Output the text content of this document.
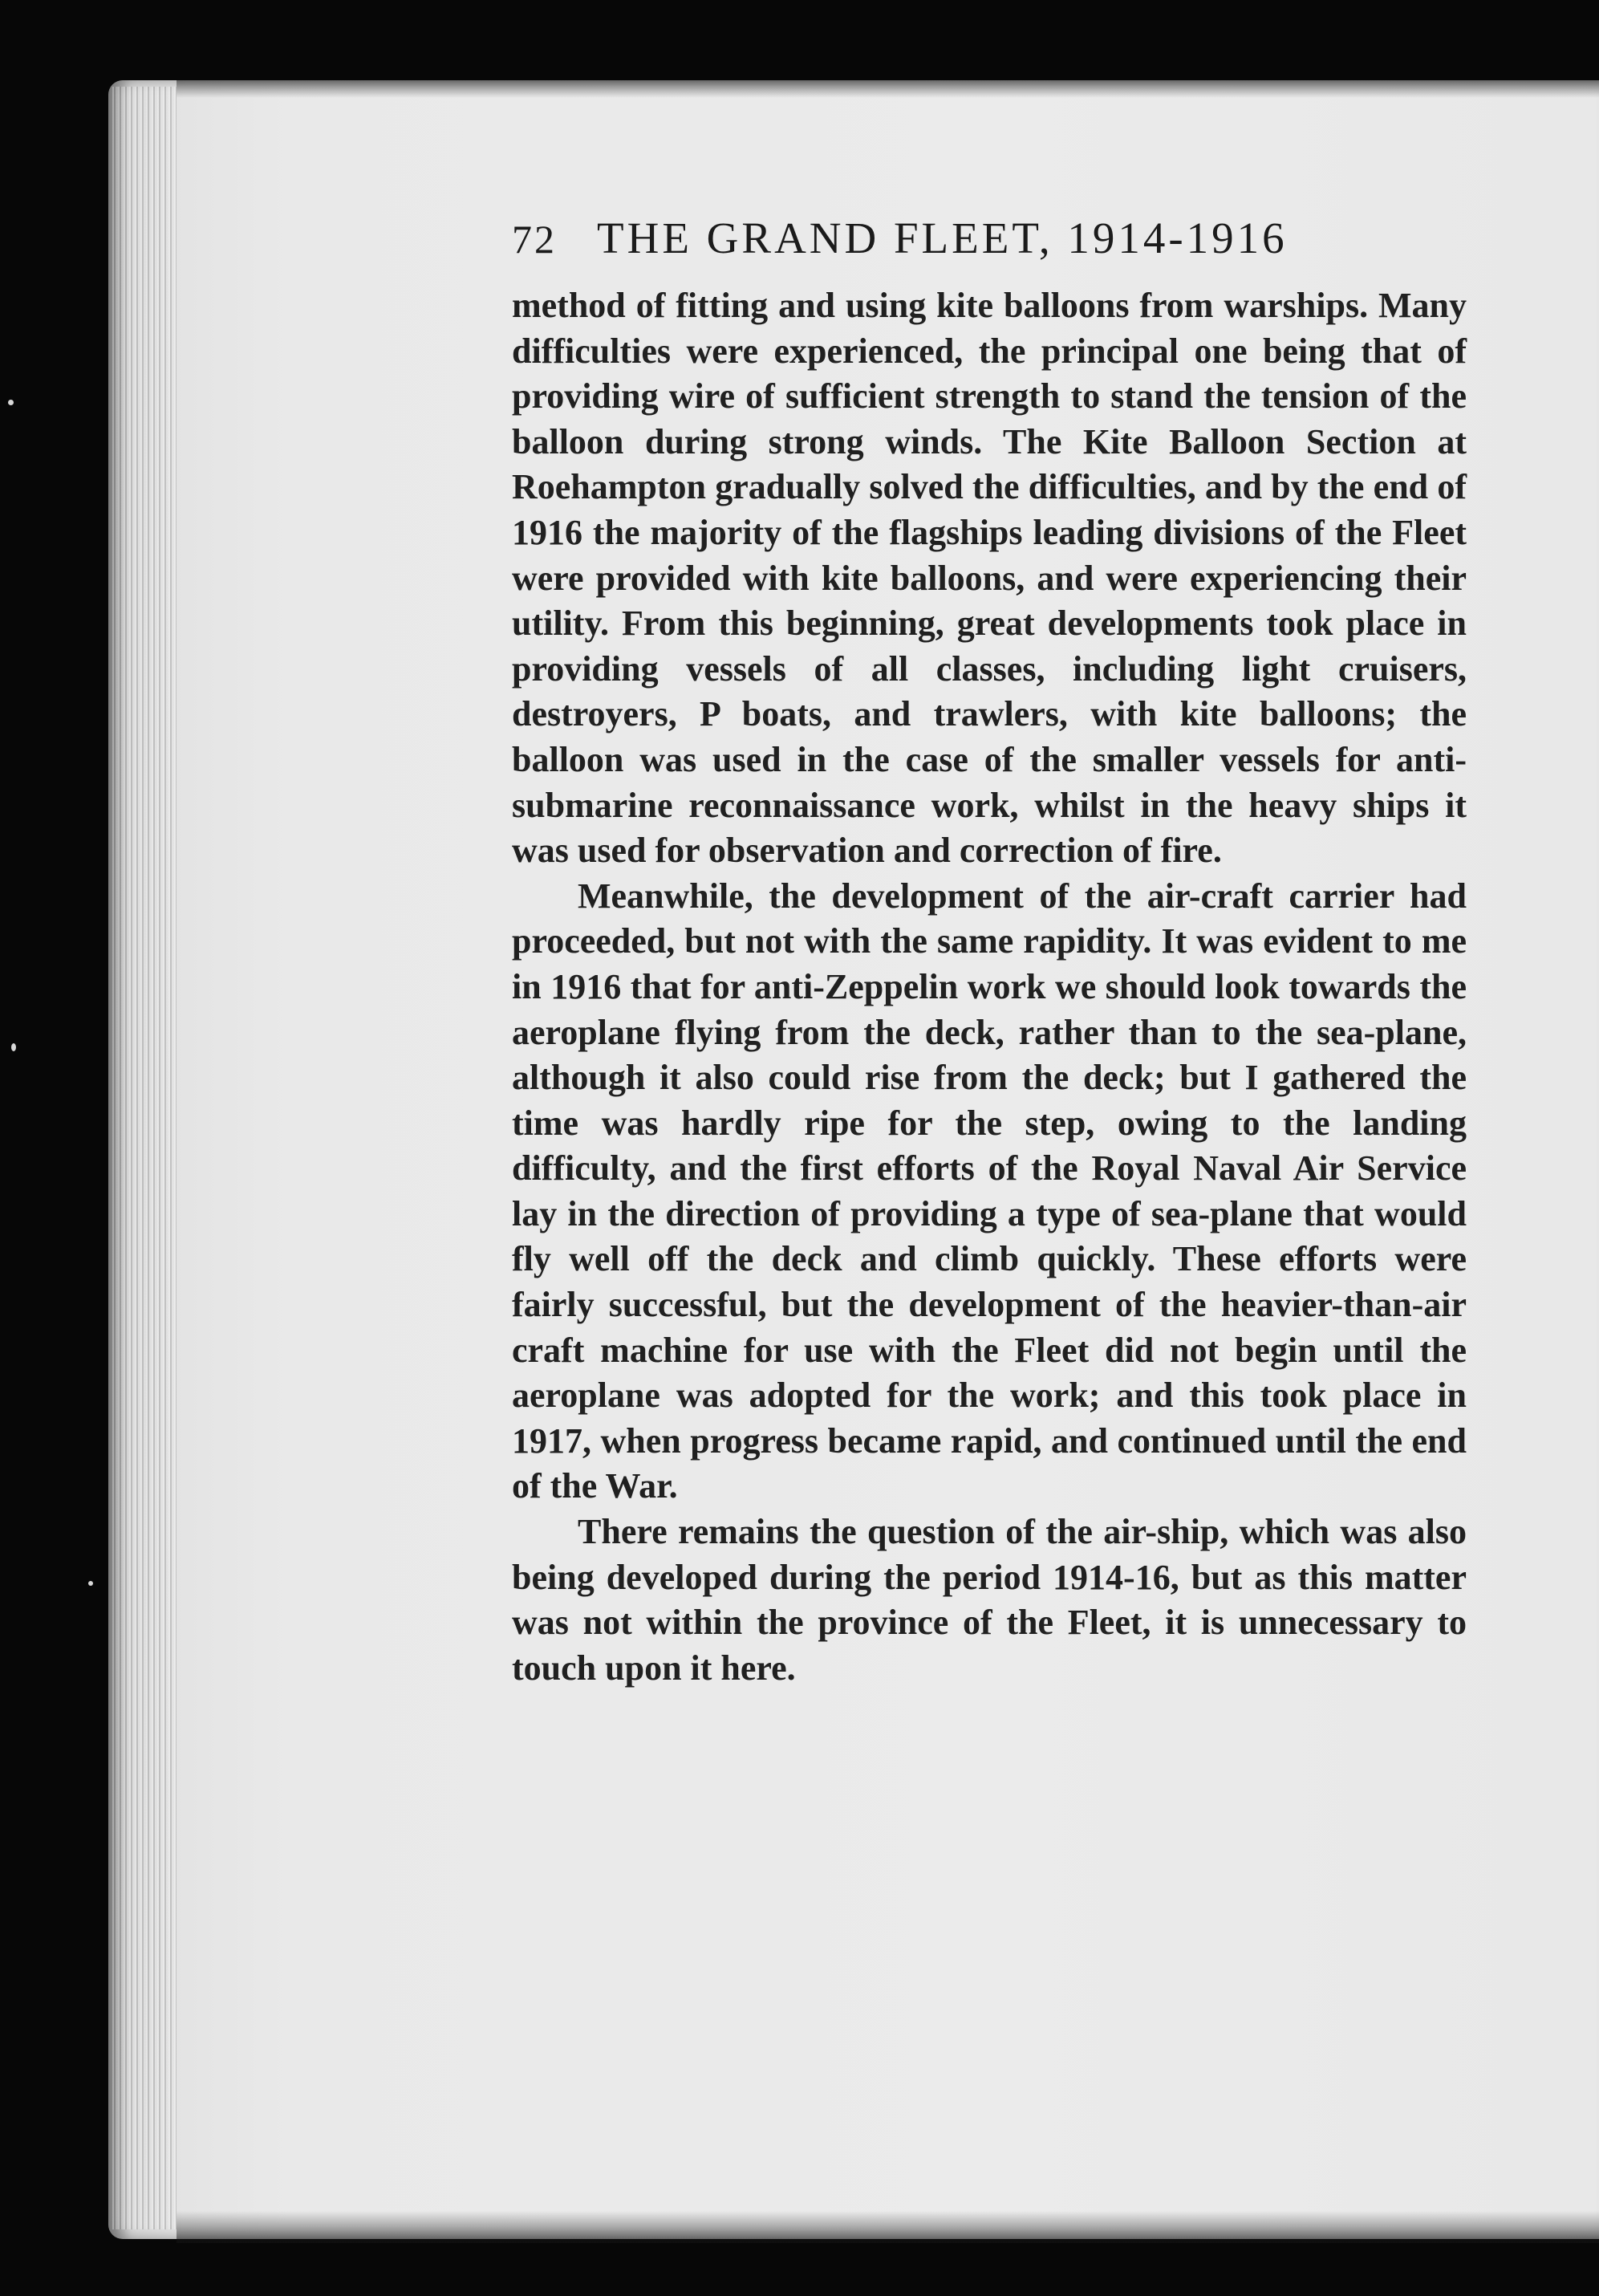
72 THE GRAND FLEET, 1914-1916

method of fitting and using kite balloons from warships. Many difficulties were experienced, the principal one being that of providing wire of sufficient strength to stand the tension of the balloon during strong winds. The Kite Balloon Section at Roehampton gradually solved the difficulties, and by the end of 1916 the majority of the flagships leading divisions of the Fleet were provided with kite balloons, and were experiencing their utility. From this beginning, great developments took place in providing vessels of all classes, including light cruisers, destroyers, P boats, and trawlers, with kite balloons; the balloon was used in the case of the smaller vessels for anti-submarine reconnaissance work, whilst in the heavy ships it was used for observation and correction of fire.

Meanwhile, the development of the air-craft carrier had proceeded, but not with the same rapidity. It was evident to me in 1916 that for anti-Zeppelin work we should look towards the aeroplane flying from the deck, rather than to the sea-plane, although it also could rise from the deck; but I gathered the time was hardly ripe for the step, owing to the landing difficulty, and the first efforts of the Royal Naval Air Service lay in the direction of providing a type of sea-plane that would fly well off the deck and climb quickly. These efforts were fairly successful, but the development of the heavier-than-air craft machine for use with the Fleet did not begin until the aeroplane was adopted for the work; and this took place in 1917, when progress became rapid, and continued until the end of the War.

There remains the question of the air-ship, which was also being developed during the period 1914-16, but as this matter was not within the province of the Fleet, it is unnecessary to touch upon it here.
